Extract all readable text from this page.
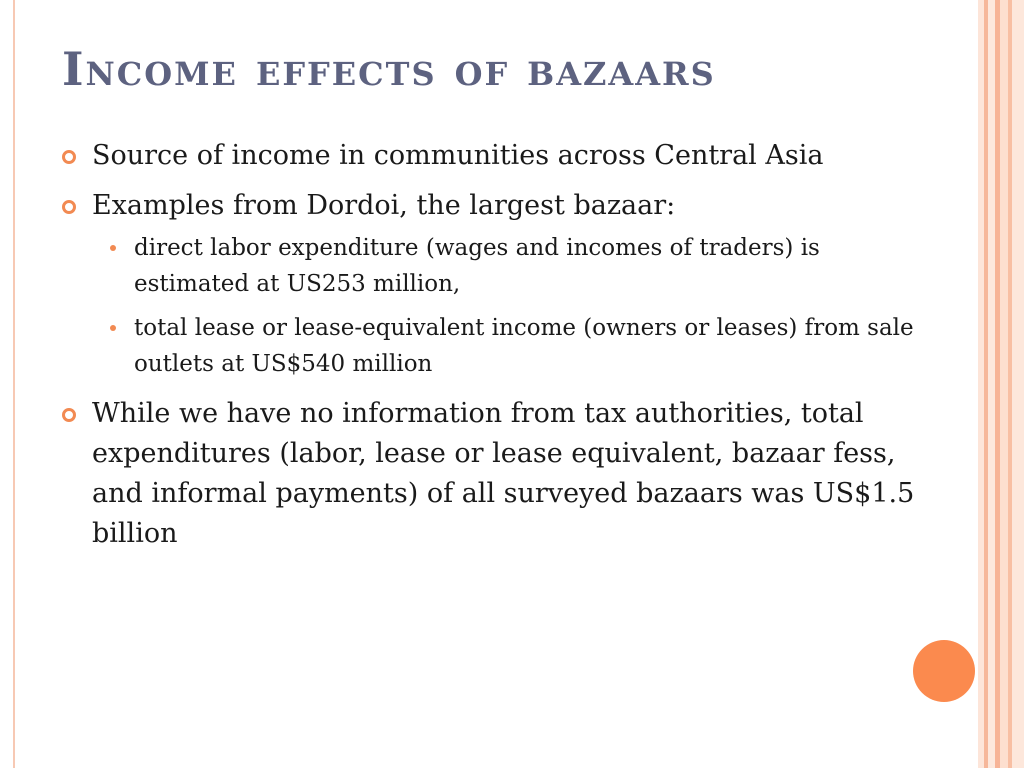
Income effects of bazaars
Source of income in communities across Central Asia
Examples from Dordoi, the largest bazaar:
direct labor expenditure (wages and incomes of traders) is estimated at US253 million,
total lease or lease-equivalent income (owners or leases) from sale outlets at US$540 million
While we have no information from tax authorities, total expenditures (labor, lease or lease equivalent, bazaar fess, and informal payments) of all surveyed bazaars was US$1.5 billion
